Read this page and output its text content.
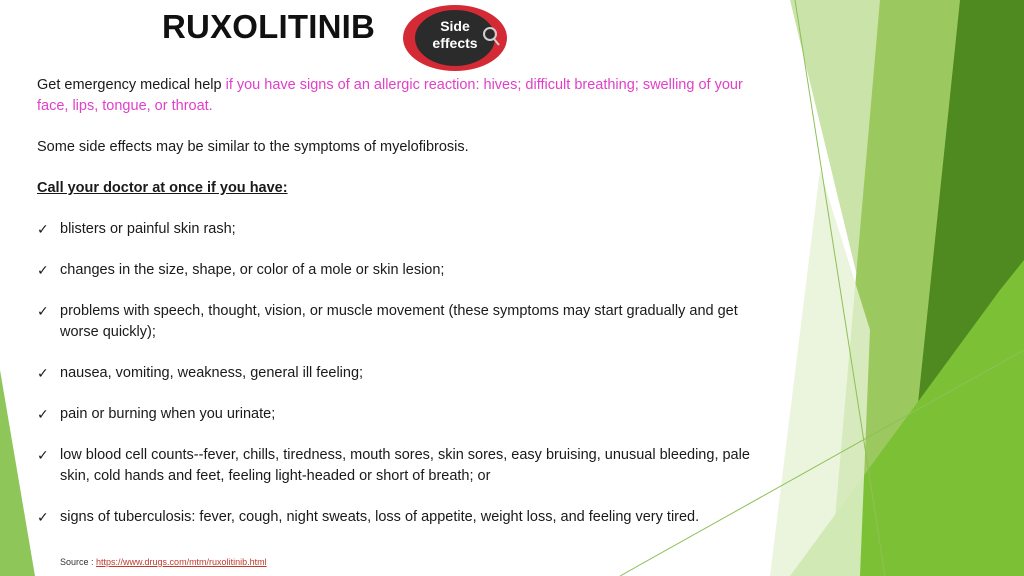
RUXOLITINIB	Side
effects

Get emergency medical help if you have signs of an allergic reaction: hives; difficult breathing; swelling of your face, lips, tongue, or throat.

Some side effects may be similar to the symptoms of myelofibrosis.

Call your doctor at once if you have:

✓ blisters or painful skin rash;
✓ changes in the size, shape, or color of a mole or skin lesion;
✓ problems with speech, thought, vision, or muscle movement (these symptoms may start gradually and get worse quickly);
✓ nausea, vomiting, weakness, general ill feeling;
✓ pain or burning when you urinate;
✓ low blood cell counts--fever, chills, tiredness, mouth sores, skin sores, easy bruising, unusual bleeding, pale skin, cold hands and feet, feeling light-headed or short of breath; or
✓ signs of tuberculosis: fever, cough, night sweats, loss of appetite, weight loss, and feeling very tired.
Source : https://www.drugs.com/mtm/ruxolitinib.html
